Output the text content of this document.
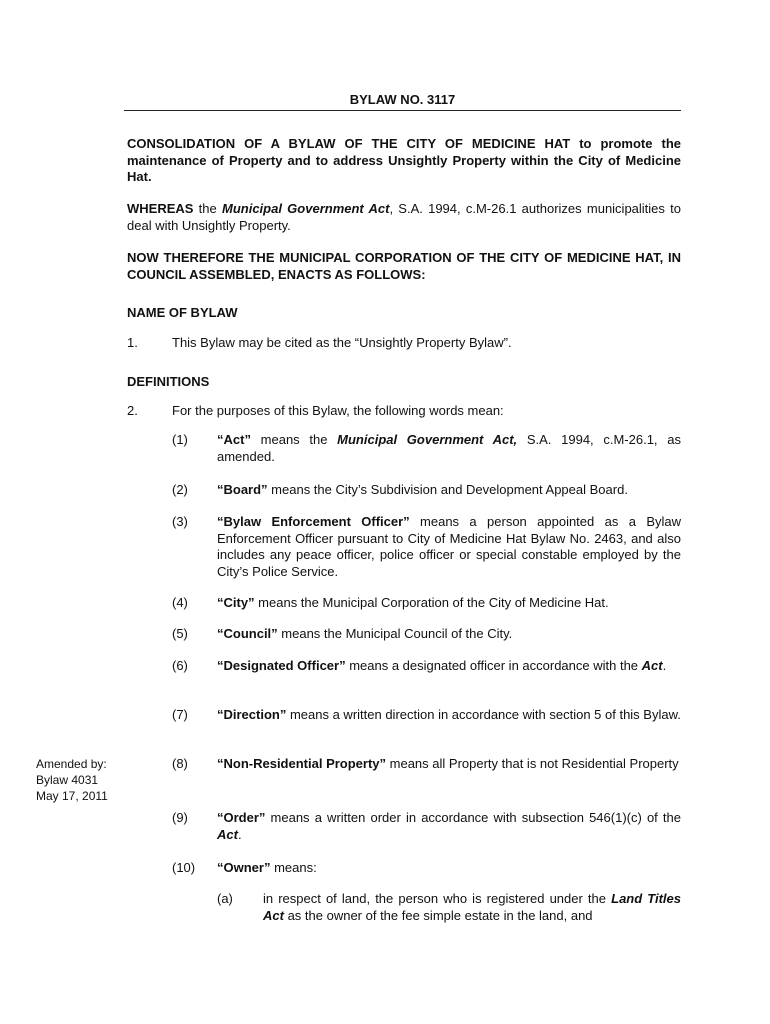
BYLAW NO. 3117
CONSOLIDATION OF A BYLAW OF THE CITY OF MEDICINE HAT to promote the maintenance of Property and to address Unsightly Property within the City of Medicine Hat.
WHEREAS the Municipal Government Act, S.A. 1994, c.M-26.1 authorizes municipalities to deal with Unsightly Property.
NOW THEREFORE THE MUNICIPAL CORPORATION OF THE CITY OF MEDICINE HAT, IN COUNCIL ASSEMBLED, ENACTS AS FOLLOWS:
NAME OF BYLAW
1.	This Bylaw may be cited as the “Unsightly Property Bylaw”.
DEFINITIONS
2.	For the purposes of this Bylaw, the following words mean:
(1) “Act” means the Municipal Government Act, S.A. 1994, c.M-26.1, as amended.
(2) “Board” means the City’s Subdivision and Development Appeal Board.
(3) “Bylaw Enforcement Officer” means a person appointed as a Bylaw Enforcement Officer pursuant to City of Medicine Hat Bylaw No. 2463, and also includes any peace officer, police officer or special constable employed by the City’s Police Service.
(4) “City” means the Municipal Corporation of the City of Medicine Hat.
(5) “Council” means the Municipal Council of the City.
(6) “Designated Officer” means a designated officer in accordance with the Act.
(7) “Direction” means a written direction in accordance with section 5 of this Bylaw.
(8) “Non-Residential Property” means all Property that is not Residential Property
(9) “Order” means a written order in accordance with subsection 546(1)(c) of the Act.
(10) “Owner” means:
(a) in respect of land, the person who is registered under the Land Titles Act as the owner of the fee simple estate in the land, and
Amended by:
Bylaw 4031
May 17, 2011
